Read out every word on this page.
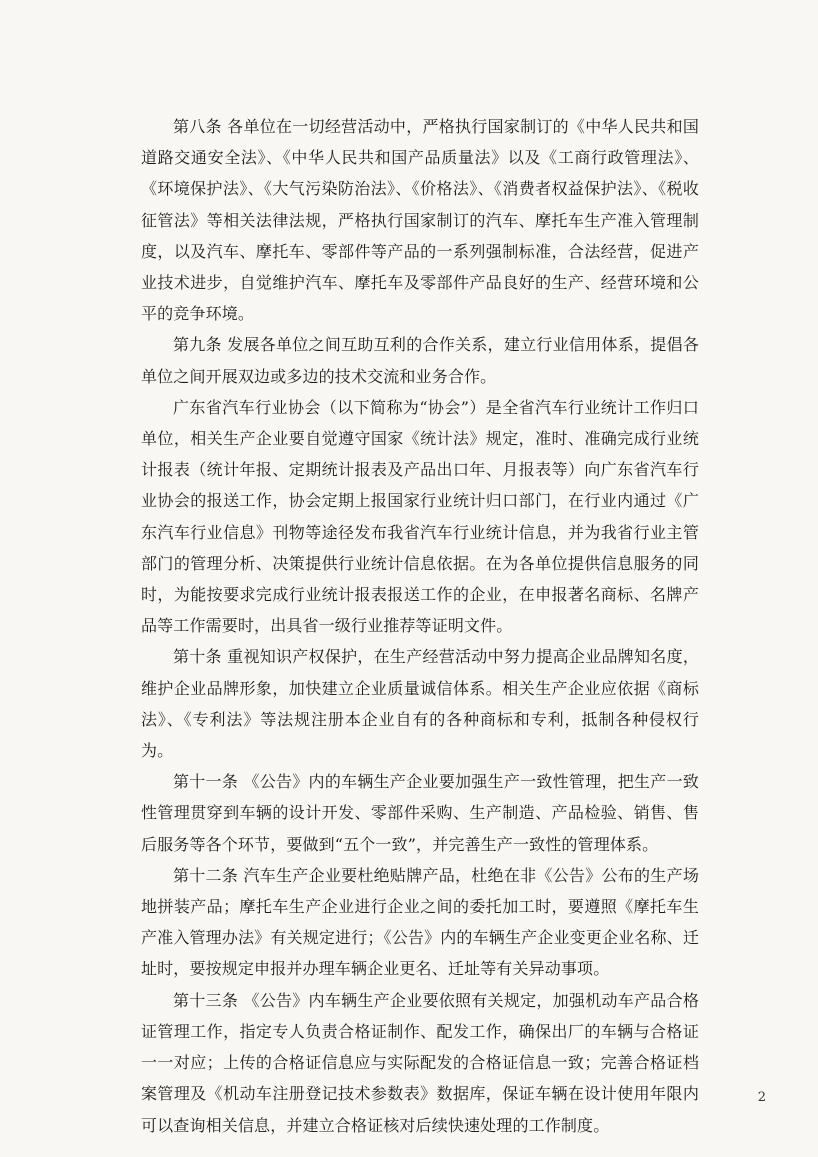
第八条 各单位在一切经营活动中，严格执行国家制订的《中华人民共和国道路交通安全法》、《中华人民共和国产品质量法》以及《工商行政管理法》、《环境保护法》、《大气污染防治法》、《价格法》、《消费者权益保护法》、《税收征管法》等相关法律法规，严格执行国家制订的汽车、摩托车生产准入管理制度，以及汽车、摩托车、零部件等产品的一系列强制标准，合法经营，促进产业技术进步，自觉维护汽车、摩托车及零部件产品良好的生产、经营环境和公平的竞争环境。

第九条 发展各单位之间互助互利的合作关系，建立行业信用体系，提倡各单位之间开展双边或多边的技术交流和业务合作。

广东省汽车行业协会（以下简称为“协会”）是全省汽车行业统计工作归口单位，相关生产企业要自觉遵守国家《统计法》规定，准时、准确完成行业统计报表（统计年报、定期统计报表及产品出口年、月报表等）向广东省汽车行业协会的报送工作，协会定期上报国家行业统计归口部门，在行业内通过《广东汽车行业信息》刊物等途径发布我省汽车行业统计信息，并为我省行业主管部门的管理分析、决策提供行业统计信息依据。在为各单位提供信息服务的同时，为能按要求完成行业统计报表报送工作的企业，在申报著名商标、名牌产品等工作需要时，出具省一级行业推荐等证明文件。

第十条 重视知识产权保护，在生产经营活动中努力提高企业品牌知名度，维护企业品牌形象，加快建立企业质量诚信体系。相关生产企业应依据《商标法》、《专利法》等法规注册本企业自有的各种商标和专利，抵制各种侵权行为。

第十一条 《公告》内的车辆生产企业要加强生产一致性管理，把生产一致性管理贯穿到车辆的设计开发、零部件采购、生产制造、产品检验、销售、售后服务等各个环节，要做到“五个一致”，并完善生产一致性的管理体系。

第十二条 汽车生产企业要杜绝贴牌产品，杜绝在非《公告》公布的生产场地拼装产品；摩托车生产企业进行企业之间的委托加工时，要遵照《摩托车生产准入管理办法》有关规定进行；《公告》内的车辆生产企业变更企业名称、迁址时，要按规定申报并办理车辆企业更名、迁址等有关异动事项。

第十三条 《公告》内车辆生产企业要依照有关规定，加强机动车产品合格证管理工作，指定专人负责合格证制作、配发工作，确保出厂的车辆与合格证一一对应；上传的合格证信息应与实际配发的合格证信息一致；完善合格证档案管理及《机动车注册登记技术参数表》数据库，保证车辆在设计使用年限内可以查询相关信息，并建立合格证核对后续快速处理的工作制度。

2
